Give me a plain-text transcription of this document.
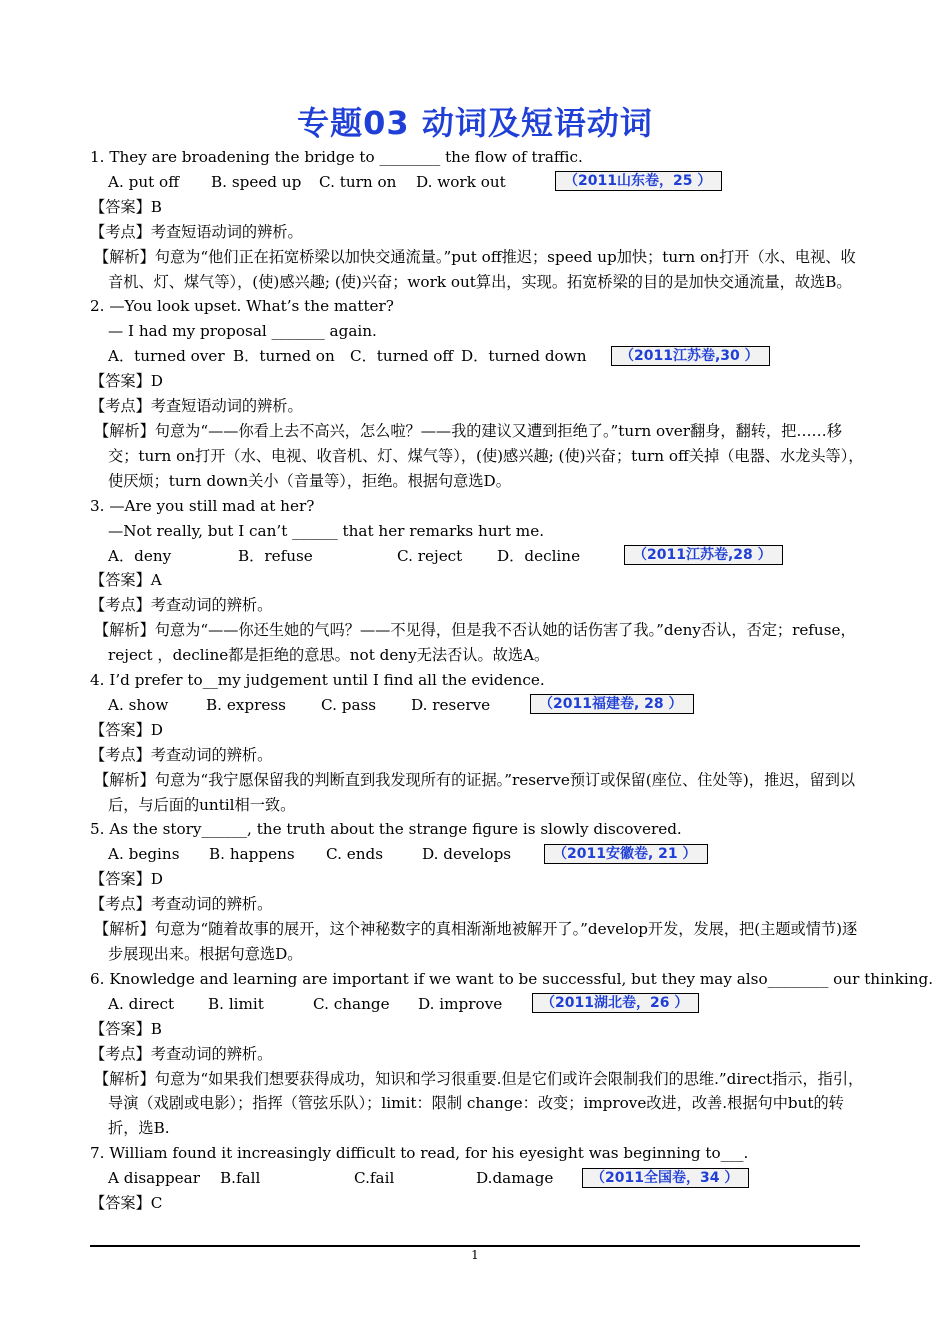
专题03 动词及短语动词
1. They are broadening the bridge to ________ the flow of traffic.
A. put off	B. speed up	C. turn on	D. work out	（2011山东卷，25 ）
【答案】B
【考点】考查短语动词的辨析。
【解析】句意为“他们正在拓宽桥梁以加快交通流量。”put off推迟；speed up加快；turn on打开（水、电视、收音机、灯、煤气等），(使)感兴趣; (使)兴奋；work out算出，实现。拓宽桥梁的目的是加快交通流量，故选B。
2. —You look upset. What’s the matter?
— I had my proposal _______ again.
A．turned over B．turned on	C．turned off D．turned down	（2011江苏卷,30 ）
【答案】D
【考点】考查短语动词的辨析。
【解析】句意为“——你看上去不高兴，怎么啦？——我的建议又遭到拒绝了。”turn over翻身，翻转，把……移交；turn on打开（水、电视、收音机、灯、煤气等），(使)感兴趣; (使)兴奋；turn off关掉（电器、水龙头等），使厌烦；turn down关小（音量等），拒绝。根据句意选D。
3. —Are you still mad at her?
—Not really, but I can’t ______ that her remarks hurt me.
A．deny	B．refuse	C. reject	D．decline	（2011江苏卷,28 ）
【答案】A
【考点】考查动词的辨析。
【解析】句意为“——你还生她的气吗？——不见得，但是我不否认她的话伤害了我。”deny否认，否定；refuse，reject ，decline都是拒绝的意思。not deny无法否认。故选A。
4. I’d prefer to__my judgement until I find all the evidence.
A. show	B. express	C. pass	D. reserve	（2011福建卷, 28 ）
【答案】D
【考点】考查动词的辨析。
【解析】句意为“我宁愿保留我的判断直到我发现所有的证据。”reserve预订或保留(座位、住处等)，推迟，留到以后，与后面的until相一致。
5. As the story______, the truth about the strange figure is slowly discovered.
A. begins	B. happens	C. ends	D. develops	（2011安徽卷, 21 ）
【答案】D
【考点】考查动词的辨析。
【解析】句意为“随着故事的展开，这个神秘数字的真相渐渐地被解开了。”develop开发，发展，把(主题或情节)逐步展现出来。根据句意选D。
6. Knowledge and learning are important if we want to be successful, but they may also________ our thinking.
A. direct	B. limit	C. change	D. improve	（2011湖北卷，26 ）
【答案】B
【考点】考查动词的辨析。
【解析】句意为“如果我们想要获得成功，知识和学习很重要.但是它们或许会限制我们的思维.”direct指示，指引，导演（戏剧或电影）；指挥（管弦乐队）；limit：限制 change：改变；improve改进，改善.根据句中but的转折，选B.
7. William found it increasingly difficult to read, for his eyesight was beginning to___.
A disappear	B.fall	C.fail	D.damage	（2011全国卷，34 ）
【答案】C
1
